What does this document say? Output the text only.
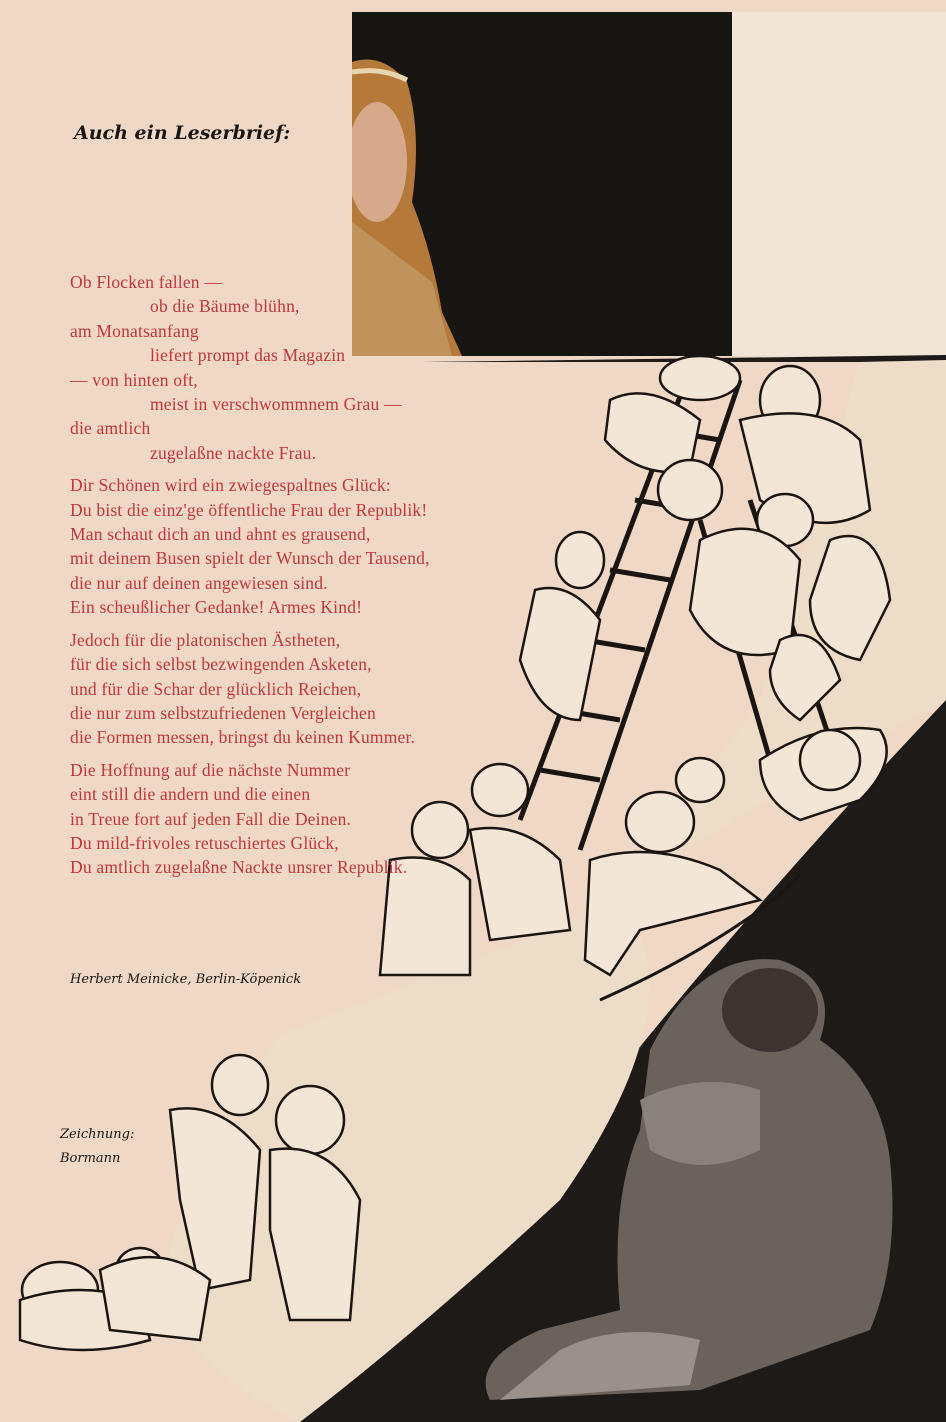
Auch ein Leserbrief:
Ob Flocken fallen —
ob die Bäume blühn,
am Monatsanfang
liefert prompt das Magazin
— von hinten oft,
meist in verschwommnem Grau —
die amtlich
zugelaßne nackte Frau.
Dir Schönen wird ein zwiegespaltnes Glück:
Du bist die einz'ge öffentliche Frau der Republik!
Man schaut dich an und ahnt es grausend,
mit deinem Busen spielt der Wunsch der Tausend,
die nur auf deinen angewiesen sind.
Ein scheußlicher Gedanke! Armes Kind!
Jedoch für die platonischen Ästheten,
für die sich selbst bezwingenden Asketen,
und für die Schar der glücklich Reichen,
die nur zum selbstzufriedenen Vergleichen
die Formen messen, bringst du keinen Kummer.
Die Hoffnung auf die nächste Nummer
eint still die andern und die einen
in Treue fort auf jeden Fall die Deinen.
Du mild-frivoles retuschiertes Glück,
Du amtlich zugelaßne Nackte unsrer Republik.
Herbert Meinicke, Berlin-Köpenick
Zeichnung:
Bormann
